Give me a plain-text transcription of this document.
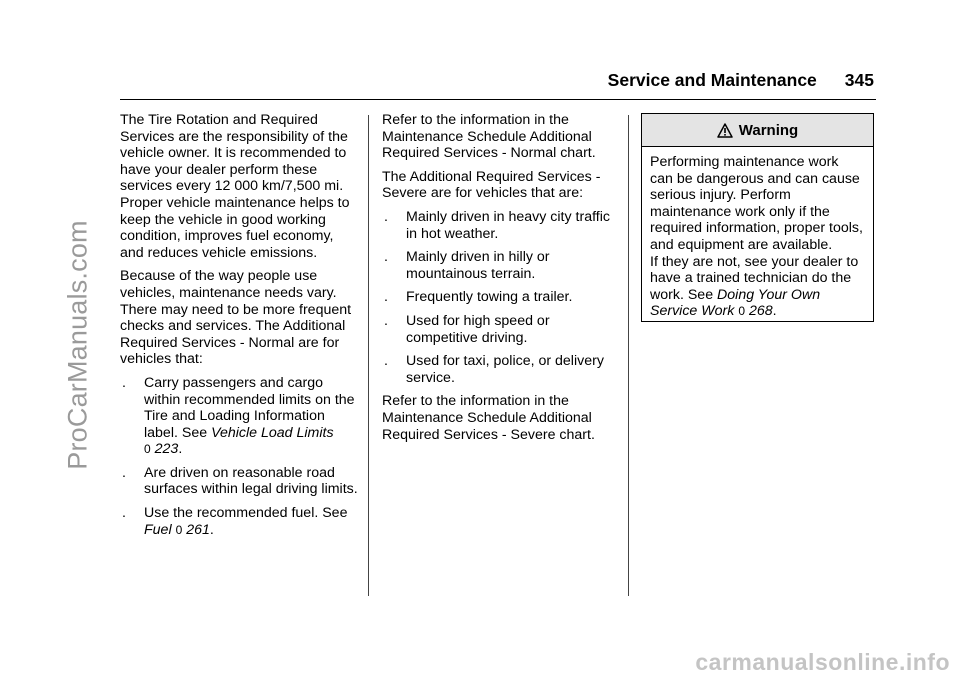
ProCarManuals.com
Service and Maintenance 345

The Tire Rotation and Required Services are the responsibility of the vehicle owner. It is recommended to have your dealer perform these services every 12 000 km/7,500 mi. Proper vehicle maintenance helps to keep the vehicle in good working condition, improves fuel economy, and reduces vehicle emissions.

Because of the way people use vehicles, maintenance needs vary. There may need to be more frequent checks and services. The Additional Required Services - Normal are for vehicles that:

.	Carry passengers and cargo within recommended limits on the Tire and Loading Information label. See Vehicle Load Limits
0 223.
.	Are driven on reasonable road surfaces within legal driving limits.
.	Use the recommended fuel. See
Fuel 0 261.

Refer to the information in the Maintenance Schedule Additional Required Services - Normal chart.

The Additional Required Services - Severe are for vehicles that are:

.	Mainly driven in heavy city traffic in hot weather.
.	Mainly driven in hilly or mountainous terrain.
.	Frequently towing a trailer.
.	Used for high speed or competitive driving.
.	Used for taxi, police, or delivery service.

Refer to the information in the Maintenance Schedule Additional Required Services - Severe chart.

Warning
Performing maintenance work can be dangerous and can cause serious injury. Perform maintenance work only if the required information, proper tools, and equipment are available.
If they are not, see your dealer to have a trained technician do the work. See Doing Your Own Service Work 0 268.
carmanualsonline.info
